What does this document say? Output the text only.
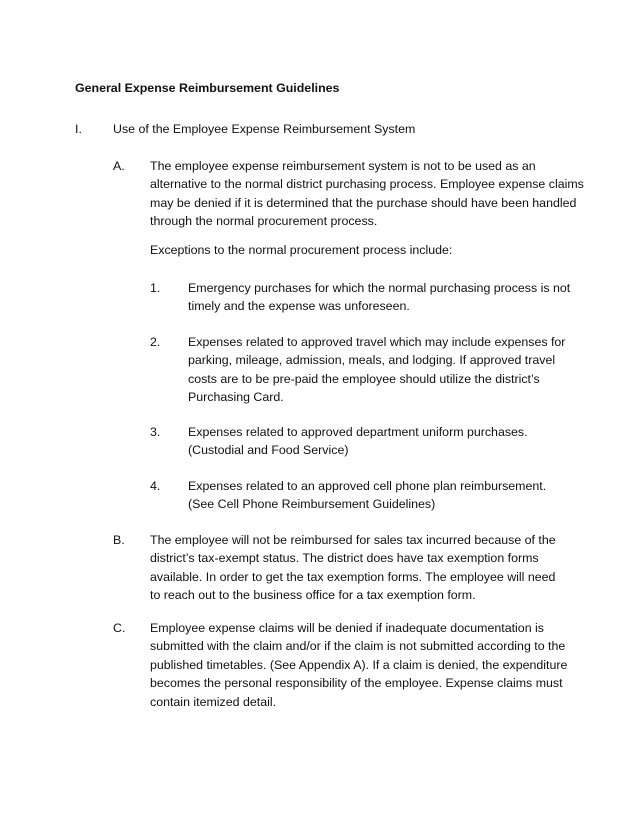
General Expense Reimbursement Guidelines
I.	Use of the Employee Expense Reimbursement System
A. The employee expense reimbursement system is not to be used as an

alternative to the normal district purchasing process. Employee expense claims

may be denied if it is determined that the purchase should have been handled

through the normal procurement process.

Exceptions to the normal procurement process include:
1. Emergency purchases for which the normal purchasing process is not

timely and the expense was unforeseen.

2. Expenses related to approved travel which may include expenses for

parking, mileage, admission, meals, and lodging. If approved travel

costs are to be pre-paid the employee should utilize the district’s

Purchasing Card.

3. Expenses related to approved department uniform purchases.

(Custodial and Food Service)

4. Expenses related to an approved cell phone plan reimbursement.

(See Cell Phone Reimbursement Guidelines)

B. The employee will not be reimbursed for sales tax incurred because of the

district’s tax-exempt status. The district does have tax exemption forms

available. In order to get the tax exemption forms. The employee will need

to reach out to the business office for a tax exemption form.

C. Employee expense claims will be denied if inadequate documentation is

submitted with the claim and/or if the claim is not submitted according to the

published timetables. (See Appendix A). If a claim is denied, the expenditure

becomes the personal responsibility of the employee. Expense claims must

contain itemized detail.
